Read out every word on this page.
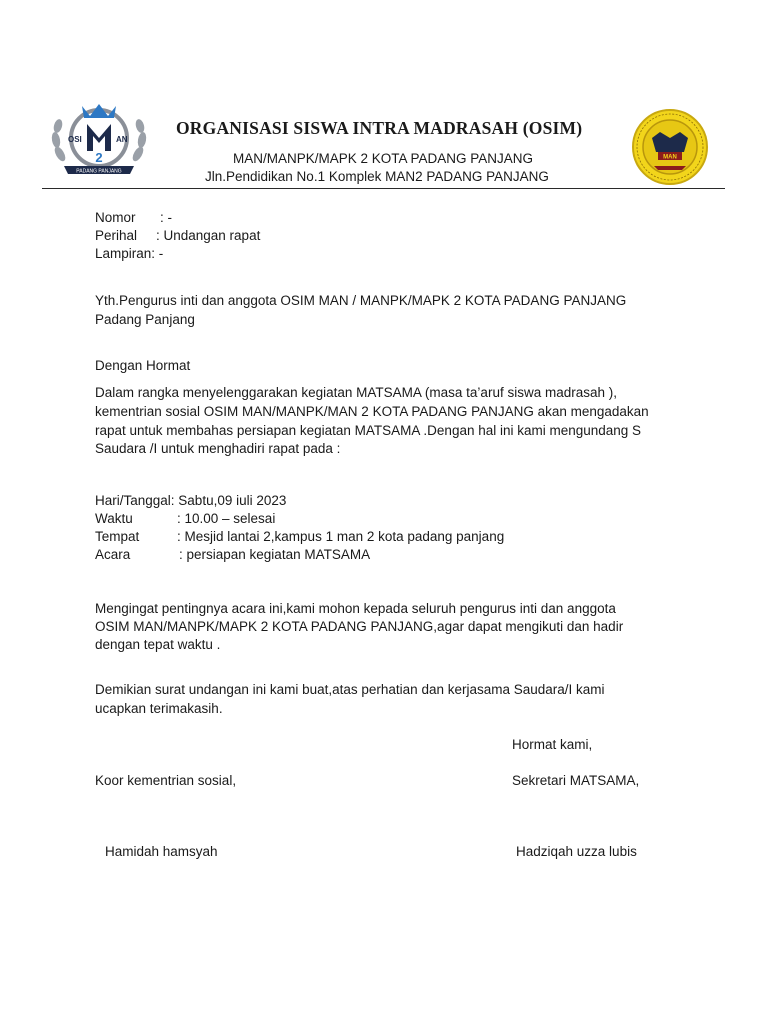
2
OSI	AN
PADANG PANJANG
ORGANISASI SISWA INTRA MADRASAH (OSIM)
MAN/MANPK/MAPK 2 KOTA PADANG PANJANG
Jln.Pendidikan No.1 Komplek MAN2 PADANG PANJANG
MAN
Nomor : -
Perihal : Undangan rapat
Lampiran: -
Yth.Pengurus inti dan anggota OSIM MAN / MANPK/MAPK 2 KOTA PADANG PANJANG
Padang Panjang
Dengan Hormat
Dalam rangka menyelenggarakan kegiatan MATSAMA (masa ta’aruf siswa madrasah ),
kementrian sosial OSIM MAN/MANPK/MAN 2 KOTA PADANG PANJANG akan mengadakan
rapat untuk membahas persiapan kegiatan MATSAMA .Dengan hal ini kami mengundang S
Saudara /I untuk menghadiri rapat pada :
Hari/Tanggal: Sabtu,09 iuli 2023
Waktu	: 10.00 – selesai
Tempat	: Mesjid lantai 2,kampus 1 man 2 kota padang panjang
Acara	: persiapan kegiatan MATSAMA
Mengingat pentingnya acara ini,kami mohon kepada seluruh pengurus inti dan anggota
OSIM MAN/MANPK/MAPK 2 KOTA PADANG PANJANG,agar dapat mengikuti dan hadir
dengan tepat waktu .
Demikian surat undangan ini kami buat,atas perhatian dan kerjasama Saudara/I kami
ucapkan terimakasih.
Hormat kami,
Koor kementrian sosial,	Sekretari MATSAMA,
Hamidah hamsyah	Hadziqah uzza lubis
